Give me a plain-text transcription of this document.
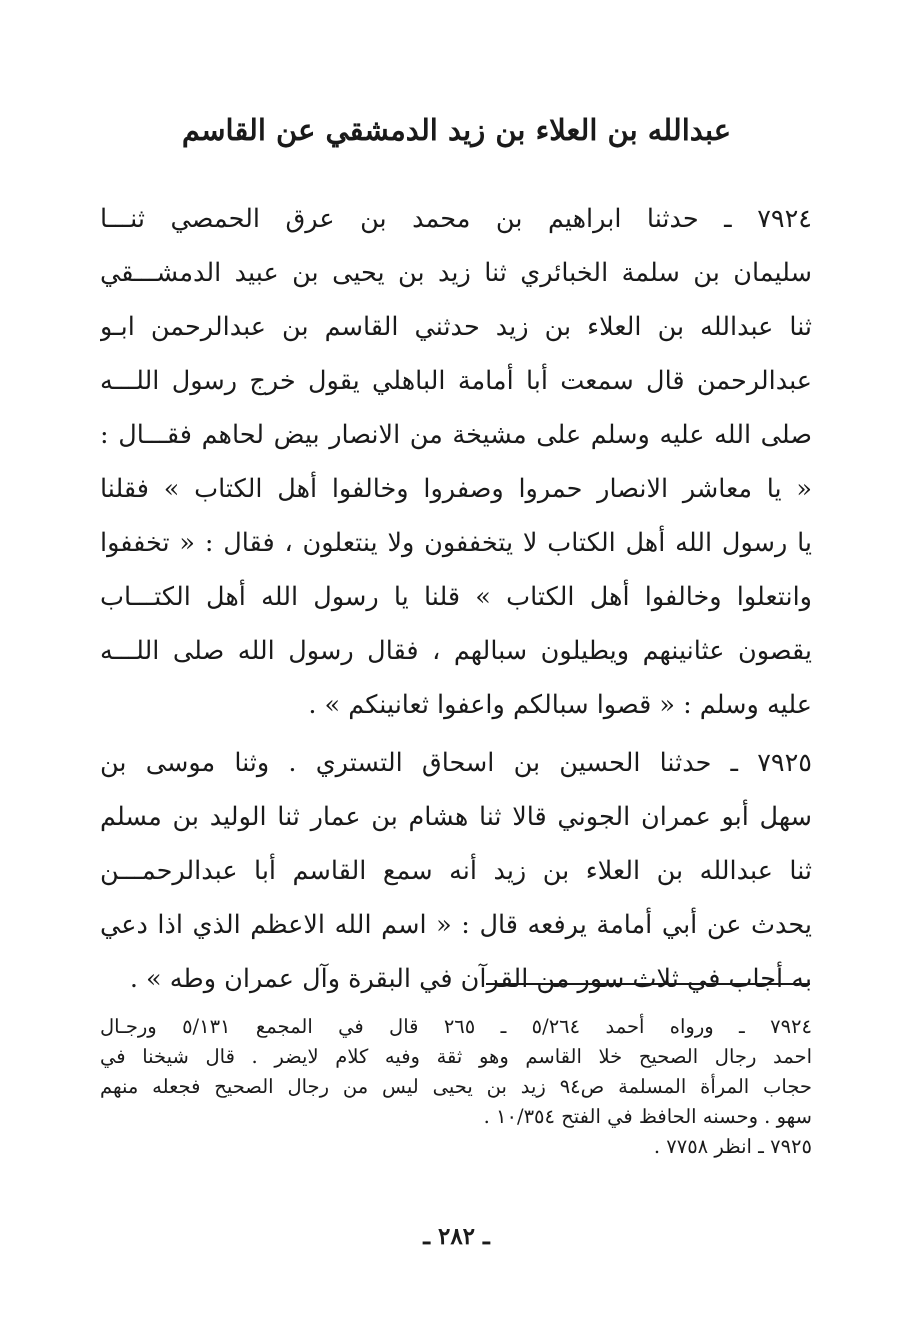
عبدالله بن العلاء بن زيد الدمشقي عن القاسم
٧٩٢٤ ـ حدثنا ابراهيم بن محمد بن عرق الحمصي ثنـــا
سليمان بن سلمة الخبائري ثنا زيد بن يحيى بن عبيد الدمشـــقي
ثنا عبدالله بن العلاء بن زيد حدثني القاسم بن عبدالرحمن ابـو
عبدالرحمن قال سمعت أبا أمامة الباهلي يقول خرج رسول اللـــه
صلى الله عليه وسلم على مشيخة من الانصار بيض لحاهم فقـــال :
« يا معاشر الانصار حمروا وصفروا وخالفوا أهل الكتاب » فقلنا
يا رسول الله أهل الكتاب لا يتخففون ولا ينتعلون ، فقال : « تخففوا
وانتعلوا وخالفوا أهل الكتاب » قلنا يا رسول الله أهل الكتـــاب
يقصون عثانينهم ويطيلون سبالهم ، فقال رسول الله صلى اللـــه
عليه وسلم : « قصوا سبالكم واعفوا ثعانينكم » .
٧٩٢٥ ـ حدثنا الحسين بن اسحاق التستري . وثنا موسى بن
سهل أبو عمران الجوني قالا ثنا هشام بن عمار ثنا الوليد بن مسلم
ثنا عبدالله بن العلاء بن زيد أنه سمع القاسم أبا عبدالرحمـــن
يحدث عن أبي أمامة يرفعه قال : « اسم الله الاعظم الذي اذا دعي
به أجاب في ثلاث سور من القرآن في البقرة وآل عمران وطه » .
٧٩٢٤ ـ ورواه أحمد ٥/٢٦٤ ـ ٢٦٥ قال في المجمع ٥/١٣١ ورجـال
احمد رجال الصحيح خلا القاسم وهو ثقة وفيه كلام لايضر . قال شيخنا في
حجاب المرأة المسلمة ص٩٤ زيد بن يحيى ليس من رجال الصحيح فجعله منهم
سهو . وحسنه الحافظ في الفتح ١٠/٣٥٤ .
٧٩٢٥ ـ انظر ٧٧٥٨ .
ـ ٢٨٢ ـ
